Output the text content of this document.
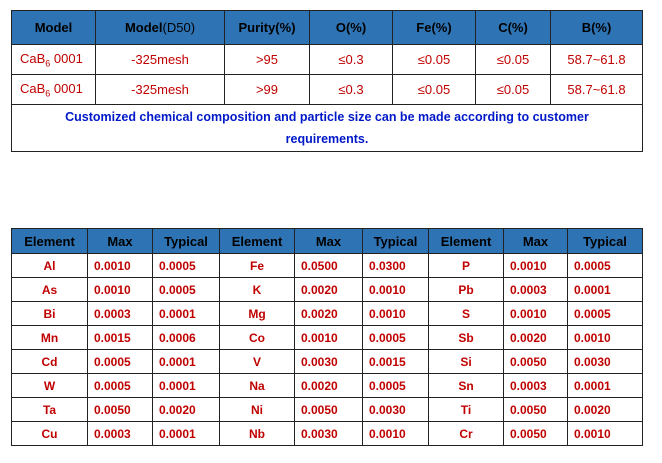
Model	Model(D50)	Purity(%)	O(%)	Fe(%)	C(%)	B(%)
CaB$_6$ 0001	-325mesh	>95	≤0.3	≤0.05	≤0.05	58.7~61.8
CaB$_6$ 0001	-325mesh	>99	≤0.3	≤0.05	≤0.05	58.7~61.8
Customized chemical composition and particle size can be made according to customer requirements.						
Element	Max	Typical	Element	Max	Typical	Element	Max	Typical
Al	0.0010	0.0005	Fe	0.0500	0.0300	P	0.0010	0.0005
As	0.0010	0.0005	K	0.0020	0.0010	Pb	0.0003	0.0001
Bi	0.0003	0.0001	Mg	0.0020	0.0010	S	0.0010	0.0005
Mn	0.0015	0.0006	Co	0.0010	0.0005	Sb	0.0020	0.0010
Cd	0.0005	0.0001	V	0.0030	0.0015	Si	0.0050	0.0030
W	0.0005	0.0001	Na	0.0020	0.0005	Sn	0.0003	0.0001
Ta	0.0050	0.0020	Ni	0.0050	0.0030	Ti	0.0050	0.0020
Cu	0.0003	0.0001	Nb	0.0030	0.0010	Cr	0.0050	0.0010
